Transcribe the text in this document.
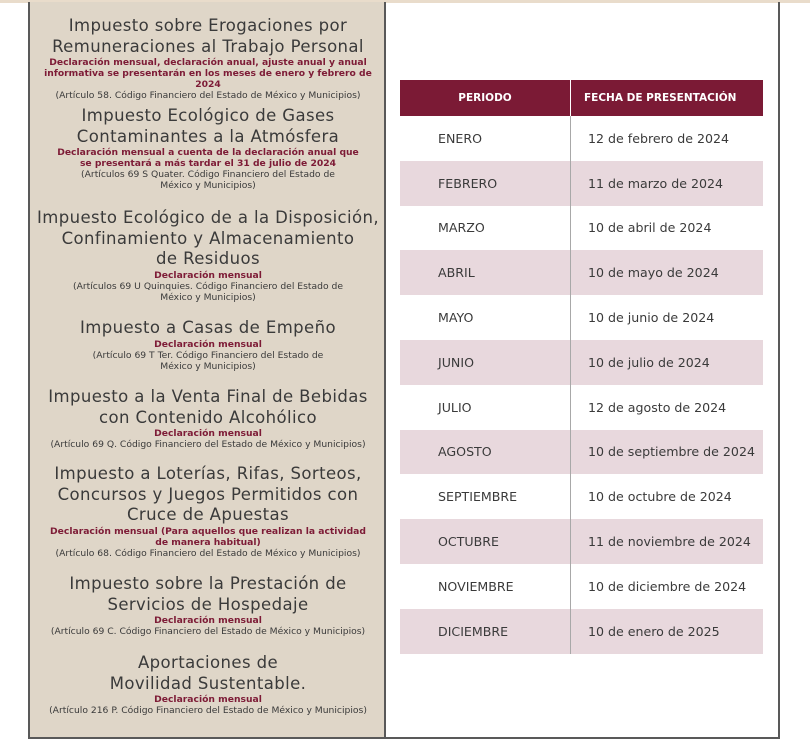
Impuesto sobre Erogaciones por
Remuneraciones al Trabajo Personal
Declaración mensual, declaración anual, ajuste anual y anual
informativa se presentarán en los meses de enero y febrero de 2024
(Artículo 58. Código Financiero del Estado de México y Municipios)
Impuesto Ecológico de Gases
Contaminantes a la Atmósfera
Declaración mensual a cuenta de la declaración anual que
se presentará a más tardar el 31 de julio de 2024
(Artículos 69 S Quater. Código Financiero del Estado de
México y Municipios)
Impuesto Ecológico de a la Disposición,
Confinamiento y Almacenamiento
de Residuos
Declaración mensual
(Artículos 69 U Quinquies. Código Financiero del Estado de
México y Municipios)
Impuesto a Casas de Empeño
Declaración mensual
(Artículo 69 T Ter. Código Financiero del Estado de
México y Municipios)
Impuesto a la Venta Final de Bebidas
con Contenido Alcohólico
Declaración mensual
(Artículo 69 Q. Código Financiero del Estado de México y Municipios)
Impuesto a Loterías, Rifas, Sorteos,
Concursos y Juegos Permitidos con
Cruce de Apuestas
Declaración mensual (Para aquellos que realizan la actividad
de manera habitual)
(Artículo 68. Código Financiero del Estado de México y Municipios)
Impuesto sobre la Prestación de
Servicios de Hospedaje
Declaración mensual
(Artículo 69 C. Código Financiero del Estado de México y Municipios)
Aportaciones de
Movilidad Sustentable.
Declaración mensual
(Artículo 216 P. Código Financiero del Estado de México y Municipios)
PERIODO	FECHA DE PRESENTACIÓN
ENERO	12 de febrero de 2024
FEBRERO	11 de marzo de 2024
MARZO	10 de abril de 2024
ABRIL	10 de mayo de 2024
MAYO	10 de junio de 2024
JUNIO	10 de julio de 2024
JULIO	12 de agosto de 2024
AGOSTO	10 de septiembre de 2024
SEPTIEMBRE	10 de octubre de 2024
OCTUBRE	11 de noviembre de 2024
NOVIEMBRE	10 de diciembre de 2024
DICIEMBRE	10 de enero de 2025
